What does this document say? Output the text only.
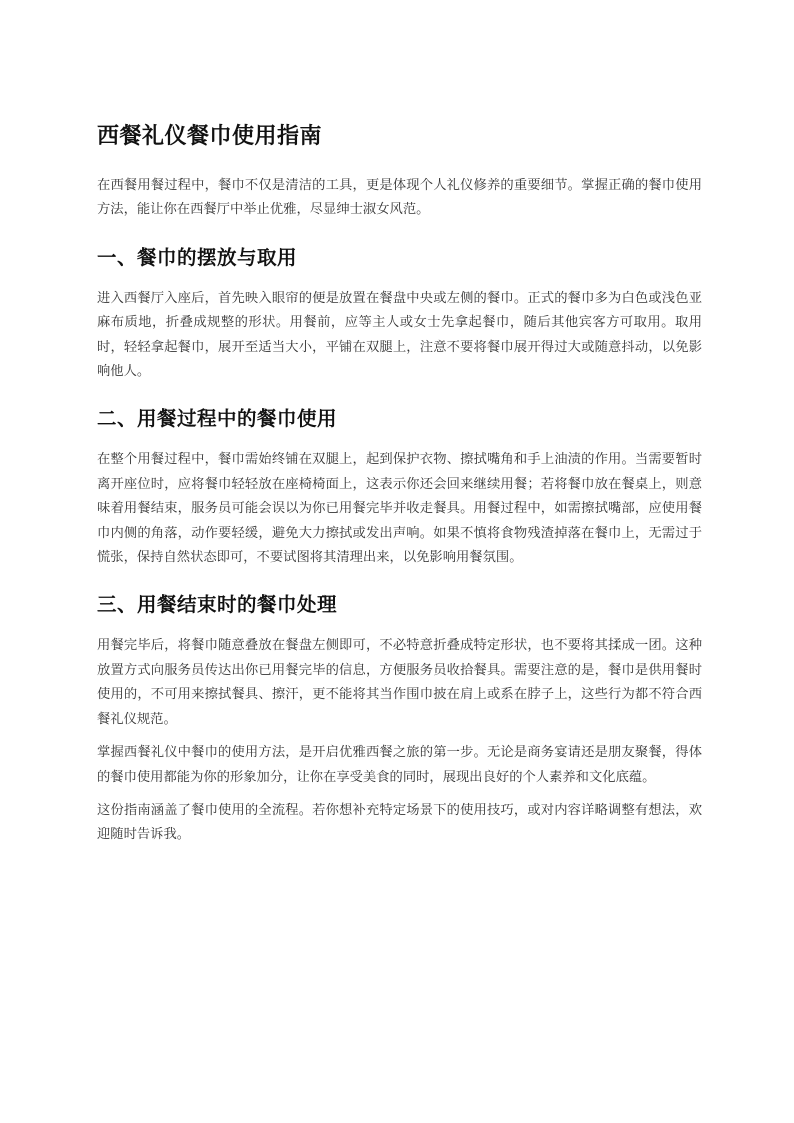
西餐礼仪餐巾使用指南

在西餐用餐过程中，餐巾不仅是清洁的工具，更是体现个人礼仪修养的重要细节。掌握正确的餐巾使用方法，能让你在西餐厅中举止优雅，尽显绅士淑女风范。

一、餐巾的摆放与取用

进入西餐厅入座后，首先映入眼帘的便是放置在餐盘中央或左侧的餐巾。正式的餐巾多为白色或浅色亚麻布质地，折叠成规整的形状。用餐前，应等主人或女士先拿起餐巾，随后其他宾客方可取用。取用时，轻轻拿起餐巾，展开至适当大小，平铺在双腿上，注意不要将餐巾展开得过大或随意抖动，以免影响他人。

二、用餐过程中的餐巾使用

在整个用餐过程中，餐巾需始终铺在双腿上，起到保护衣物、擦拭嘴角和手上油渍的作用。当需要暂时离开座位时，应将餐巾轻轻放在座椅椅面上，这表示你还会回来继续用餐；若将餐巾放在餐桌上，则意味着用餐结束，服务员可能会误以为你已用餐完毕并收走餐具。用餐过程中，如需擦拭嘴部，应使用餐巾内侧的角落，动作要轻缓，避免大力擦拭或发出声响。如果不慎将食物残渣掉落在餐巾上，无需过于慌张，保持自然状态即可，不要试图将其清理出来，以免影响用餐氛围。

三、用餐结束时的餐巾处理

用餐完毕后，将餐巾随意叠放在餐盘左侧即可，不必特意折叠成特定形状，也不要将其揉成一团。这种放置方式向服务员传达出你已用餐完毕的信息，方便服务员收拾餐具。需要注意的是，餐巾是供用餐时使用的，不可用来擦拭餐具、擦汗，更不能将其当作围巾披在肩上或系在脖子上，这些行为都不符合西餐礼仪规范。

掌握西餐礼仪中餐巾的使用方法，是开启优雅西餐之旅的第一步。无论是商务宴请还是朋友聚餐，得体的餐巾使用都能为你的形象加分，让你在享受美食的同时，展现出良好的个人素养和文化底蕴。

这份指南涵盖了餐巾使用的全流程。若你想补充特定场景下的使用技巧，或对内容详略调整有想法，欢迎随时告诉我。
